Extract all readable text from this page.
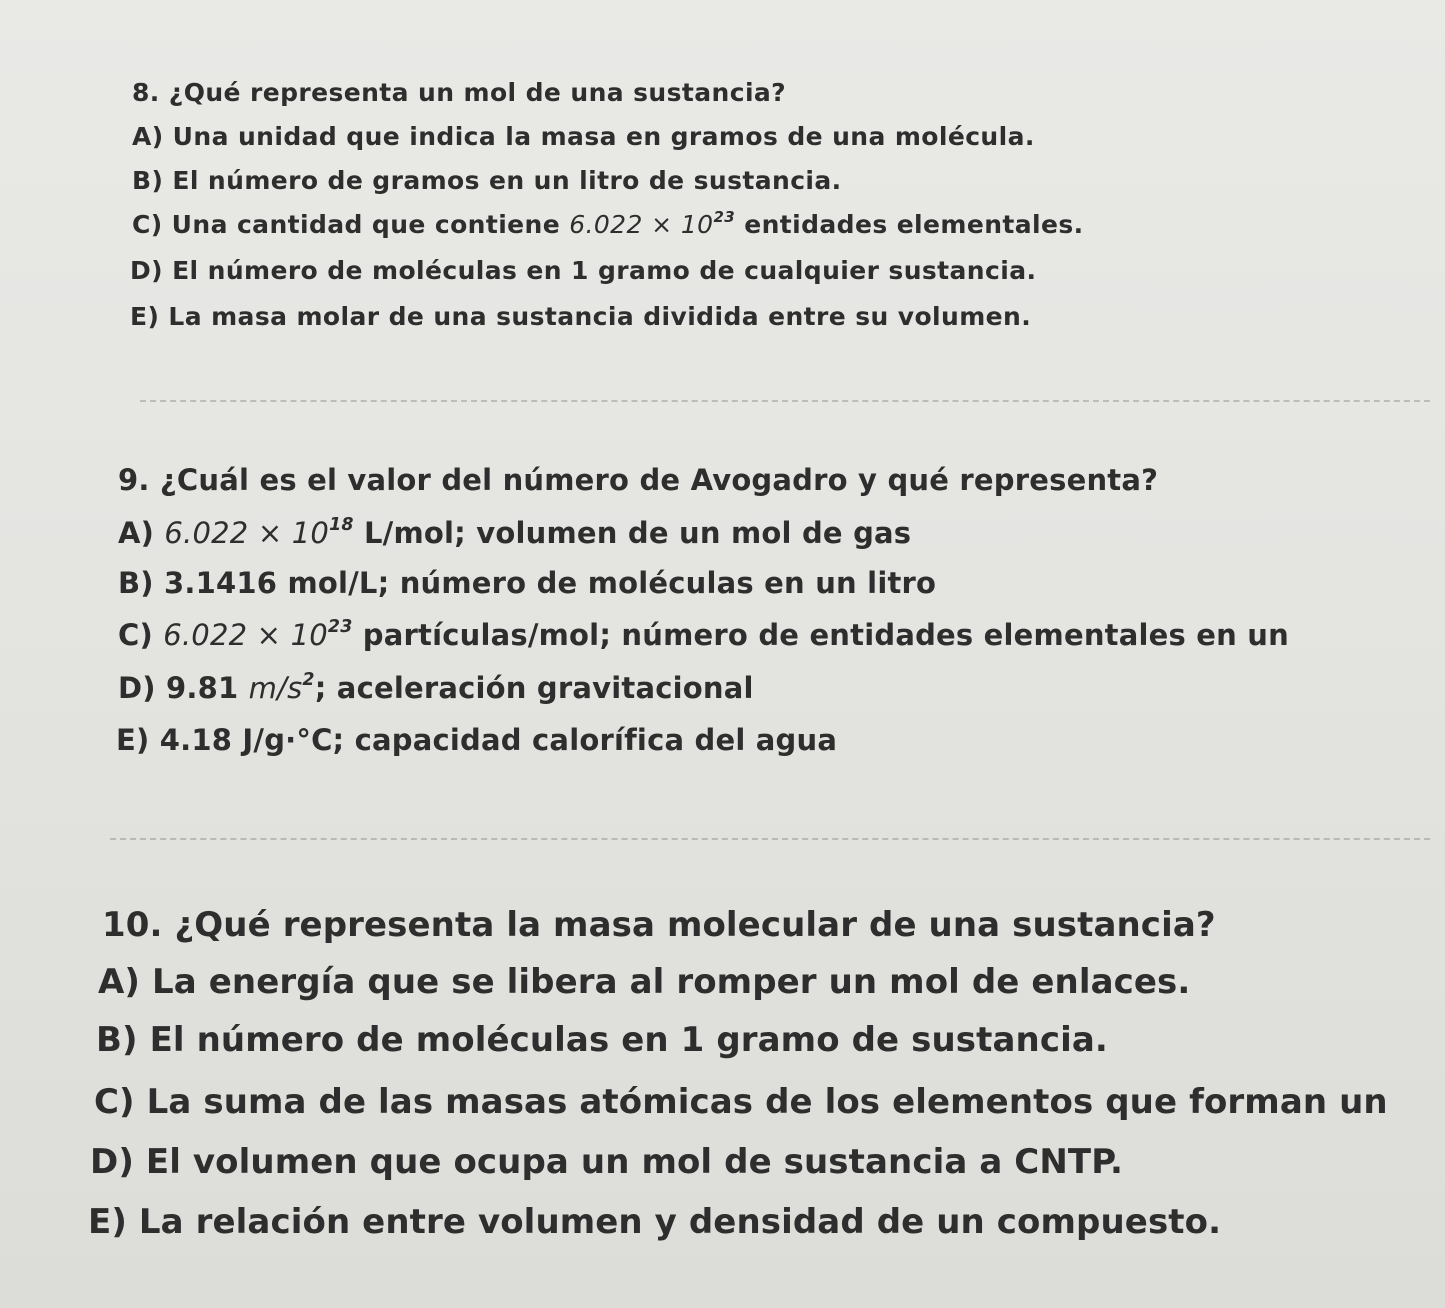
8. ¿Qué representa un mol de una sustancia?
A) Una unidad que indica la masa en gramos de una molécula.
B) El número de gramos en un litro de sustancia.
C) Una cantidad que contiene $6.022 \times 10^{23}$ entidades elementales.
D) El número de moléculas en 1 gramo de cualquier sustancia.
E) La masa molar de una sustancia dividida entre su volumen.
9. ¿Cuál es el valor del número de Avogadro y qué representa?
A) $6.022 \times 10^{18}$ L/mol; volumen de un mol de gas
B) 3.1416 mol/L; número de moléculas en un litro
C) $6.022 \times 10^{23}$ partículas/mol; número de entidades elementales en un
D) 9.81 $m/s^2$; aceleración gravitacional
E) 4.18 J/g·°C; capacidad calorífica del agua
10. ¿Qué representa la masa molecular de una sustancia?
A) La energía que se libera al romper un mol de enlaces.
B) El número de moléculas en 1 gramo de sustancia.
C) La suma de las masas atómicas de los elementos que forman un
D) El volumen que ocupa un mol de sustancia a CNTP.
E) La relación entre volumen y densidad de un compuesto.
